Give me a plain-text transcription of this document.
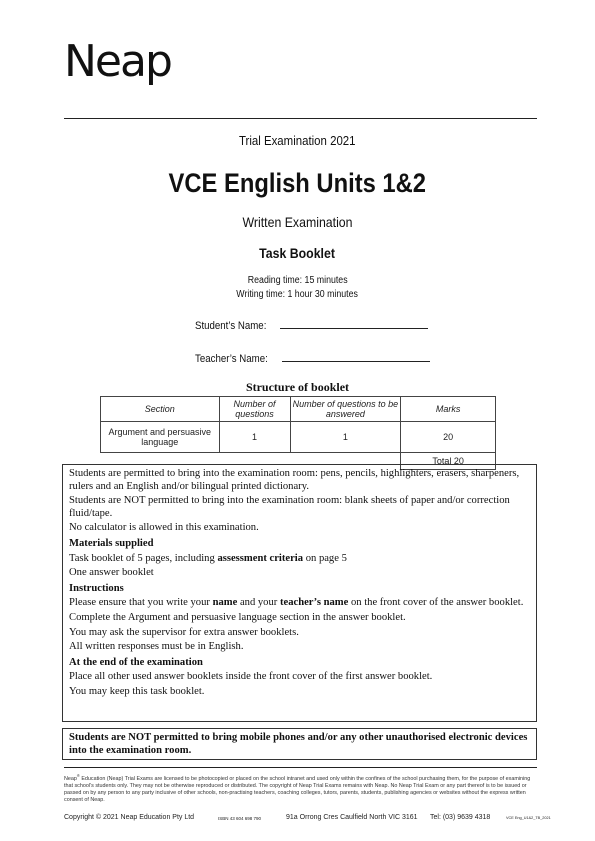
Neap
Trial Examination 2021
VCE English Units 1&2
Written Examination
Task Booklet
Reading time: 15 minutes
Writing time: 1 hour 30 minutes
Student’s Name:
Teacher’s Name:
Structure of booklet
Section	Number of questions	Number of questions to be answered	Marks
Argument and persuasive language	1	1	20
			Total 20

Students are permitted to bring into the examination room: pens, pencils, highlighters, erasers, sharpeners, rulers and an English and/or bilingual printed dictionary.

Students are NOT permitted to bring into the examination room: blank sheets of paper and/or correction fluid/tape.

No calculator is allowed in this examination.

Materials supplied

Task booklet of 5 pages, including assessment criteria on page 5

One answer booklet

Instructions

Please ensure that you write your name and your teacher’s name on the front cover of the answer booklet.

Complete the Argument and persuasive language section in the answer booklet.

You may ask the supervisor for extra answer booklets.

All written responses must be in English.

At the end of the examination

Place all other used answer booklets inside the front cover of the first answer booklet.

You may keep this task booklet.

Students are NOT permitted to bring mobile phones and/or any other unauthorised electronic devices into the examination room.
Neap® Education (Neap) Trial Exams are licensed to be photocopied or placed on the school intranet and used only within the confines of the school purchasing them, for the purpose of examining that school’s students only. They may not be otherwise reproduced or distributed. The copyright of Neap Trial Exams remains with Neap. No Neap Trial Exam or any part thereof is to be issued or passed on by any person to any party inclusive of other schools, non-practising teachers, coaching colleges, tutors, parents, students, publishing agencies or websites without the express written consent of Neap.
Copyright © 2021 Neap Education Pty Ltd	ISBN 43 604 698 790	91a Orrong Cres Caulfield North VIC 3161 Tel: (03) 9639 4318	VCE Eng_U1&2_TB_2021
